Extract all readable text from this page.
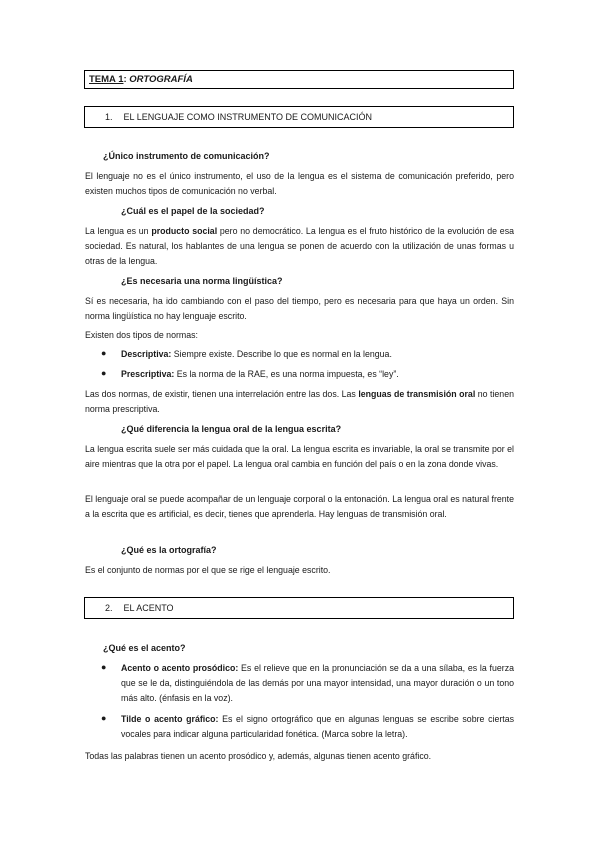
TEMA 1: ORTOGRAFÍA
1. EL LENGUAJE COMO INSTRUMENTO DE COMUNICACIÓN
¿Único instrumento de comunicación?
El lenguaje no es el único instrumento, el uso de la lengua es el sistema de comunicación preferido, pero existen muchos tipos de comunicación no verbal.
¿Cuál es el papel de la sociedad?
La lengua es un producto social pero no democrático. La lengua es el fruto histórico de la evolución de esa sociedad. Es natural, los hablantes de una lengua se ponen de acuerdo con la utilización de unas formas u otras de la lengua.
¿Es necesaria una norma lingüística?
Sí es necesaria, ha ido cambiando con el paso del tiempo, pero es necesaria para que haya un orden. Sin norma lingüística no hay lenguaje escrito.
Existen dos tipos de normas:
● Descriptiva: Siempre existe. Describe lo que es normal en la lengua.
● Prescriptiva: Es la norma de la RAE, es una norma impuesta, es “ley”.
Las dos normas, de existir, tienen una interrelación entre las dos. Las lenguas de transmisión oral no tienen norma prescriptiva.
¿Qué diferencia la lengua oral de la lengua escrita?
La lengua escrita suele ser más cuidada que la oral. La lengua escrita es invariable, la oral se transmite por el aire mientras que la otra por el papel. La lengua oral cambia en función del país o en la zona donde vivas.
El lenguaje oral se puede acompañar de un lenguaje corporal o la entonación. La lengua oral es natural frente a la escrita que es artificial, es decir, tienes que aprenderla. Hay lenguas de transmisión oral.
¿Qué es la ortografía?
Es el conjunto de normas por el que se rige el lenguaje escrito.
2. EL ACENTO
¿Qué es el acento?
● Acento o acento prosódico: Es el relieve que en la pronunciación se da a una sílaba, es la fuerza que se le da, distinguiéndola de las demás por una mayor intensidad, una mayor duración o un tono más alto. (énfasis en la voz).
● Tilde o acento gráfico: Es el signo ortográfico que en algunas lenguas se escribe sobre ciertas vocales para indicar alguna particularidad fonética. (Marca sobre la letra).
Todas las palabras tienen un acento prosódico y, además, algunas tienen acento gráfico.
